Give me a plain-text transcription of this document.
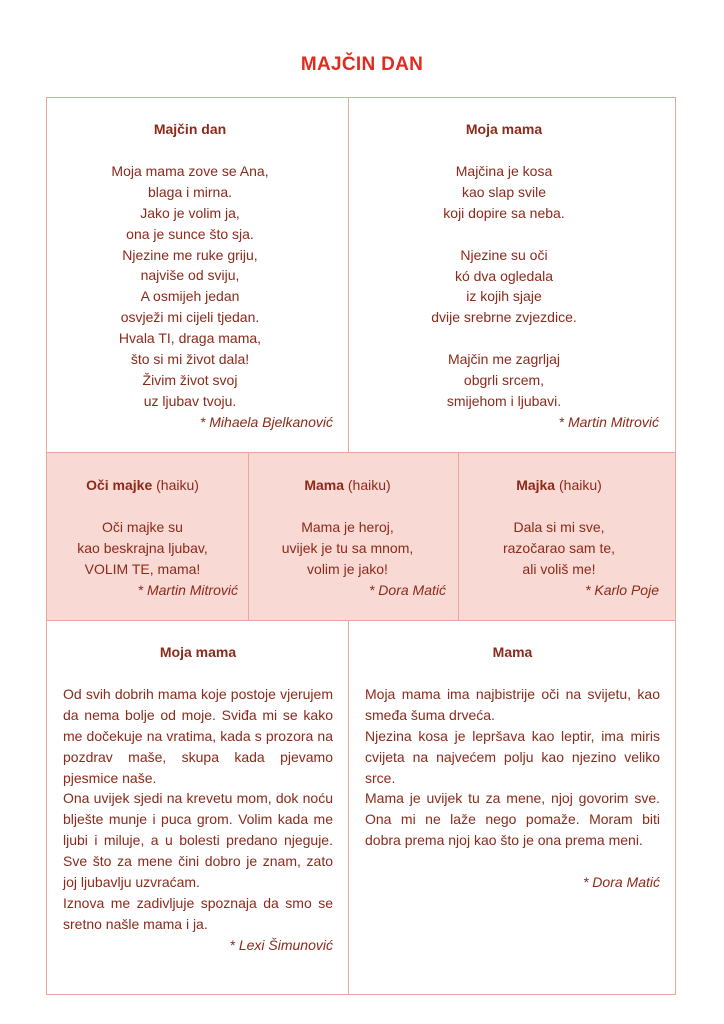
MAJČIN DAN

Majčin dan

Moja mama zove se Ana,
blaga i mirna.
Jako je volim ja,
ona je sunce što sja.
Njezine me ruke griju,
najviše od sviju,
A osmijeh jedan
osvježi mi cijeli tjedan.
Hvala TI, draga mama,
što si mi život dala!
Živim život svoj
uz ljubav tvoju.

* Mihaela Bjelkanović

Moja mama

Majčina je kosa
kao slap svile
koji dopire sa neba.

Njezine su oči
kó dva ogledala
iz kojih sjaje
dvije srebrne zvjezdice.

Majčin me zagrljaj
obgrli srcem,
smijehom i ljubavi.

* Martin Mitrović

Oči majke (haiku)

Oči majke su
kao beskrajna ljubav,
VOLIM TE, mama!

* Martin Mitrović

Mama (haiku)

Mama je heroj,
uvijek je tu sa mnom,
volim je jako!

* Dora Matić

Majka (haiku)

Dala si mi sve,
razočarao sam te,
ali voliš me!

* Karlo Poje

Moja mama

Od svih dobrih mama koje postoje vjerujem da nema bolje od moje. Sviđa mi se kako me dočekuje na vratima, kada s prozora na pozdrav maše, skupa kada pjevamo pjesmice naše.

Ona uvijek sjedi na krevetu mom, dok noću blješte munje i puca grom. Volim kada me ljubi i miluje, a u bolesti predano njeguje. Sve što za mene čini dobro je znam, zato joj ljubavlju uzvraćam.

Iznova me zadivljuje spoznaja da smo se sretno našle mama i ja.

* Lexi Šimunović

Mama

Moja mama ima najbistrije oči na svijetu, kao smeđa šuma drveća.

Njezina kosa je lepršava kao leptir, ima miris cvijeta na najvećem polju kao njezino veliko srce.

Mama je uvijek tu za mene, njoj govorim sve. Ona mi ne laže nego pomaže. Moram biti dobra prema njoj kao što je ona prema meni.

* Dora Matić
